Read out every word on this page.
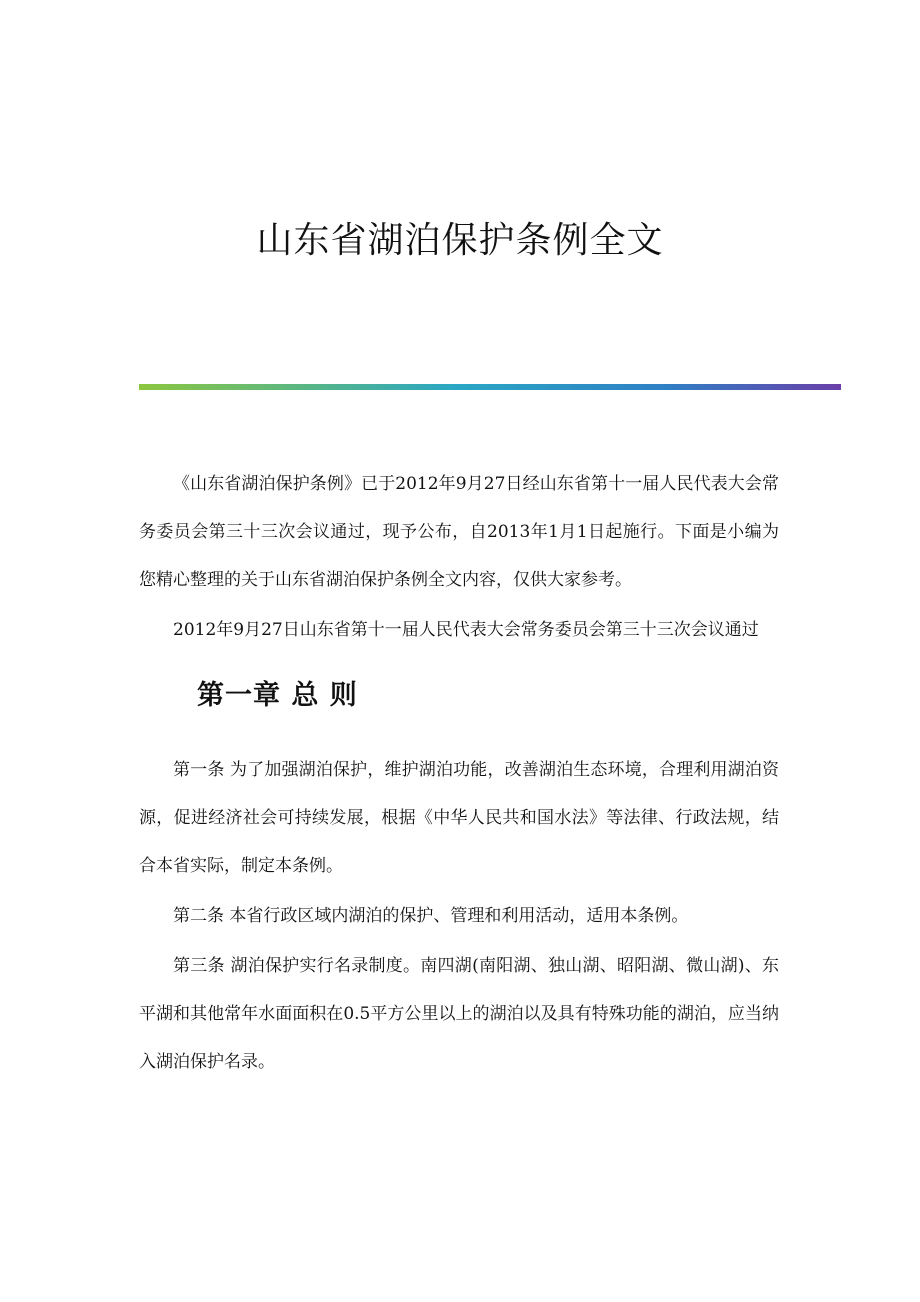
山东省湖泊保护条例全文

《山东省湖泊保护条例》已于2012年9月27日经山东省第十一届人民代表大会常务委员会第三十三次会议通过，现予公布，自2013年1月1日起施行。下面是小编为您精心整理的关于山东省湖泊保护条例全文内容，仅供大家参考。

2012年9月27日山东省第十一届人民代表大会常务委员会第三十三次会议通过

第一章 总 则

第一条 为了加强湖泊保护，维护湖泊功能，改善湖泊生态环境，合理利用湖泊资源，促进经济社会可持续发展，根据《中华人民共和国水法》等法律、行政法规，结合本省实际，制定本条例。

第二条 本省行政区域内湖泊的保护、管理和利用活动，适用本条例。

第三条 湖泊保护实行名录制度。南四湖(南阳湖、独山湖、昭阳湖、微山湖)、东平湖和其他常年水面面积在0.5平方公里以上的湖泊以及具有特殊功能的湖泊，应当纳入湖泊保护名录。
